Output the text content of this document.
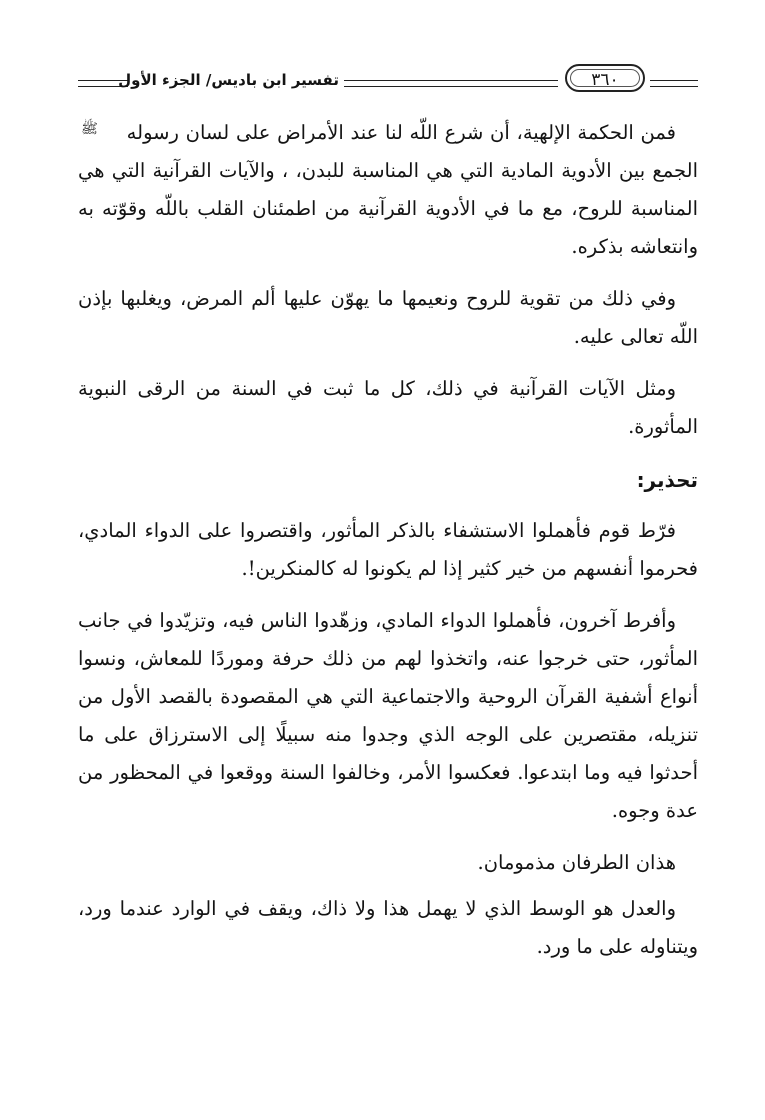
تفسير ابن باديس/ الجزء الأول	٣٦٠

فمن الحكمة الإلهية، أن شرع اللّه لنا عند الأمراض على لسان رسوله ﷺ الجمع بين الأدوية المادية التي هي المناسبة للبدن، ، والآيات القرآنية التي هي المناسبة للروح، مع ما في الأدوية القرآنية من اطمئنان القلب باللّه وقوّته به وانتعاشه بذكره.

وفي ذلك من تقوية للروح ونعيمها ما يهوّن عليها ألم المرض، ويغلبها بإذن اللّه تعالى عليه.

ومثل الآيات القرآنية في ذلك، كل ما ثبت في السنة من الرقى النبوية المأثورة.

تحذير:

فرّط قوم فأهملوا الاستشفاء بالذكر المأثور، واقتصروا على الدواء المادي، فحرموا أنفسهم من خير كثير إذا لم يكونوا له كالمنكرين!.

وأفرط آخرون، فأهملوا الدواء المادي، وزهّدوا الناس فيه، وتزيّدوا في جانب المأثور، حتى خرجوا عنه، واتخذوا لهم من ذلك حرفة وموردًا للمعاش، ونسوا أنواع أشفية القرآن الروحية والاجتماعية التي هي المقصودة بالقصد الأول من تنزيله، مقتصرين على الوجه الذي وجدوا منه سبيلًا إلى الاسترزاق على ما أحدثوا فيه وما ابتدعوا. فعكسوا الأمر، وخالفوا السنة ووقعوا في المحظور من عدة وجوه.

هذان الطرفان مذمومان.

والعدل هو الوسط الذي لا يهمل هذا ولا ذاك، ويقف في الوارد عندما ورد، ويتناوله على ما ورد.
